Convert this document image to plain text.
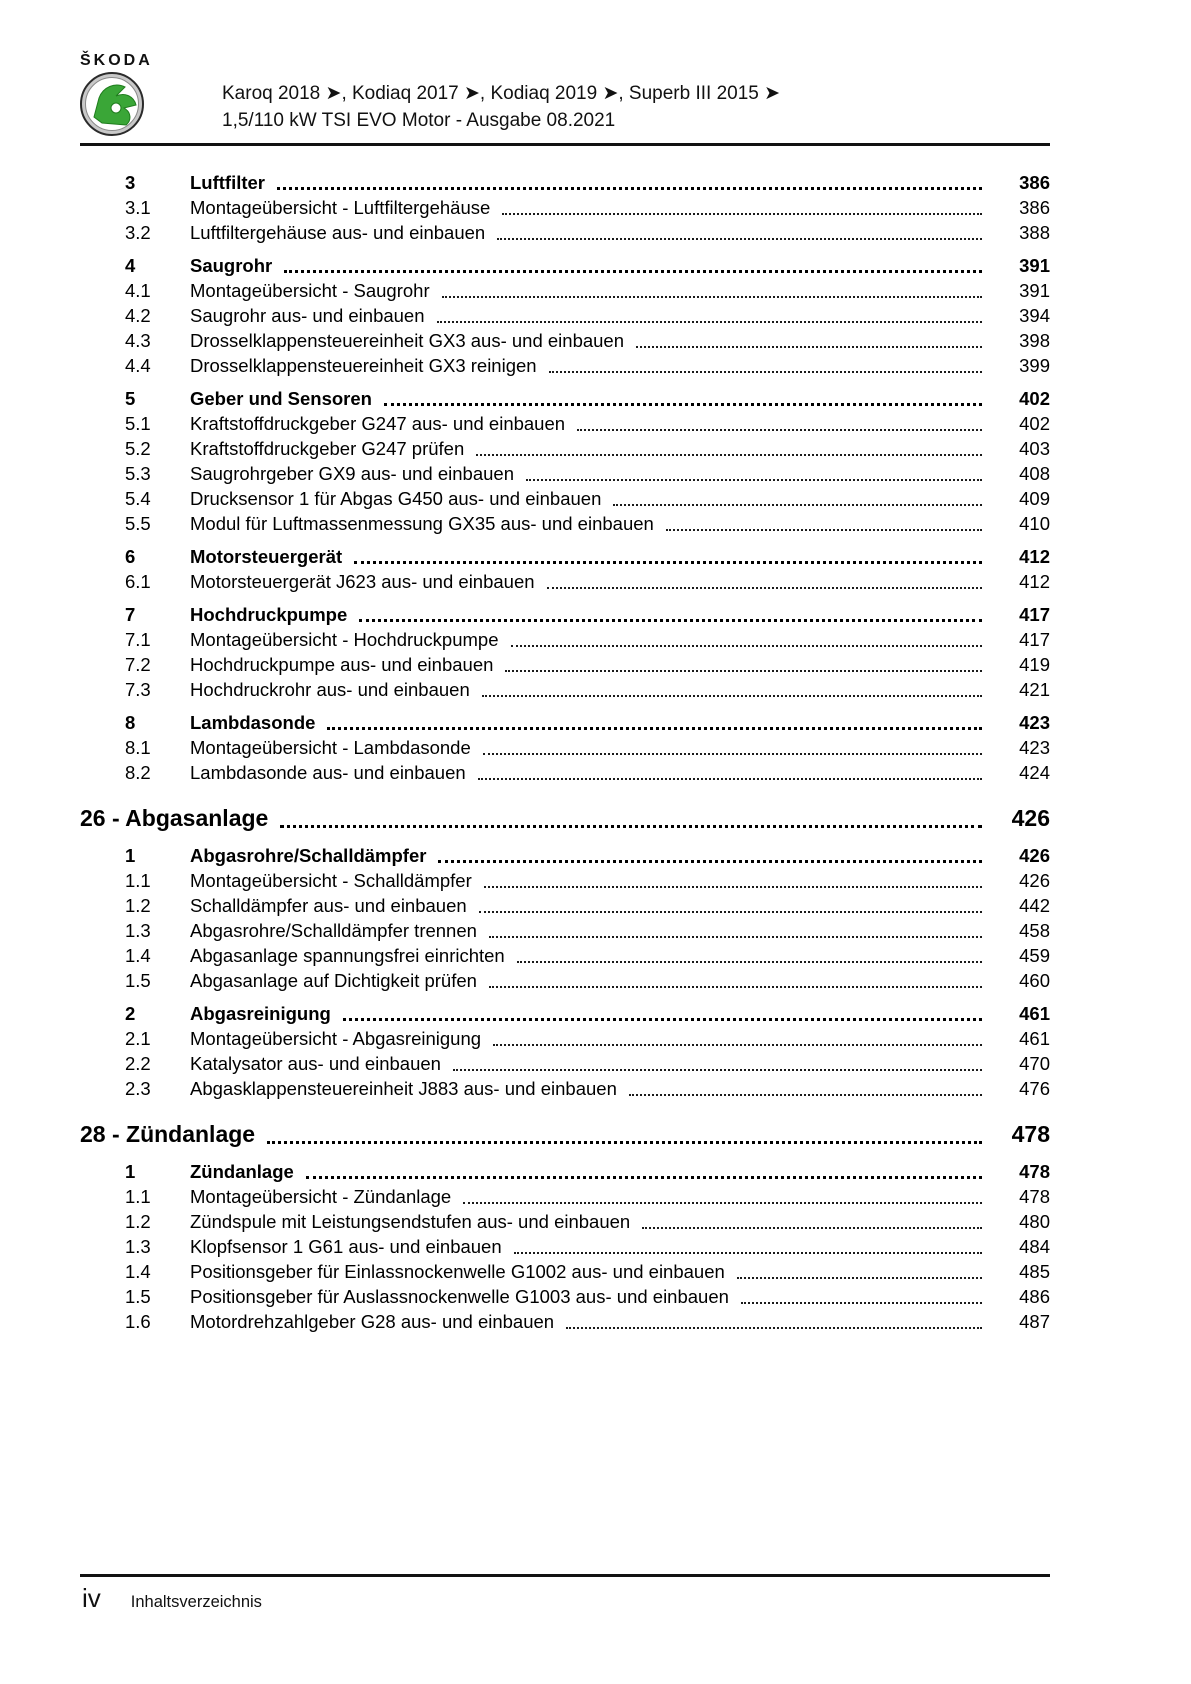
ŠKODA
Karoq 2018 ➤, Kodiaq 2017 ➤, Kodiaq 2019 ➤, Superb III 2015 ➤
1,5/110 kW TSI EVO Motor - Ausgabe 08.2021
3	Luftfilter	386
3.1	Montageübersicht - Luftfiltergehäuse	386
3.2	Luftfiltergehäuse aus- und einbauen	388
4	Saugrohr	391
4.1	Montageübersicht - Saugrohr	391
4.2	Saugrohr aus- und einbauen	394
4.3	Drosselklappensteuereinheit GX3 aus- und einbauen	398
4.4	Drosselklappensteuereinheit GX3 reinigen	399
5	Geber und Sensoren	402
5.1	Kraftstoffdruckgeber G247 aus- und einbauen	402
5.2	Kraftstoffdruckgeber G247 prüfen	403
5.3	Saugrohrgeber GX9 aus- und einbauen	408
5.4	Drucksensor 1 für Abgas G450 aus- und einbauen	409
5.5	Modul für Luftmassenmessung GX35 aus- und einbauen	410
6	Motorsteuergerät	412
6.1	Motorsteuergerät J623 aus- und einbauen	412
7	Hochdruckpumpe	417
7.1	Montageübersicht - Hochdruckpumpe	417
7.2	Hochdruckpumpe aus- und einbauen	419
7.3	Hochdruckrohr aus- und einbauen	421
8	Lambdasonde	423
8.1	Montageübersicht - Lambdasonde	423
8.2	Lambdasonde aus- und einbauen	424
26 - Abgasanlage	426
1	Abgasrohre/Schalldämpfer	426
1.1	Montageübersicht - Schalldämpfer	426
1.2	Schalldämpfer aus- und einbauen	442
1.3	Abgasrohre/Schalldämpfer trennen	458
1.4	Abgasanlage spannungsfrei einrichten	459
1.5	Abgasanlage auf Dichtigkeit prüfen	460
2	Abgasreinigung	461
2.1	Montageübersicht - Abgasreinigung	461
2.2	Katalysator aus- und einbauen	470
2.3	Abgasklappensteuereinheit J883 aus- und einbauen	476
28 - Zündanlage	478
1	Zündanlage	478
1.1	Montageübersicht - Zündanlage	478
1.2	Zündspule mit Leistungsendstufen aus- und einbauen	480
1.3	Klopfsensor 1 G61 aus- und einbauen	484
1.4	Positionsgeber für Einlassnockenwelle G1002 aus- und einbauen	485
1.5	Positionsgeber für Auslassnockenwelle G1003 aus- und einbauen	486
1.6	Motordrehzahlgeber G28 aus- und einbauen	487
iv Inhaltsverzeichnis
